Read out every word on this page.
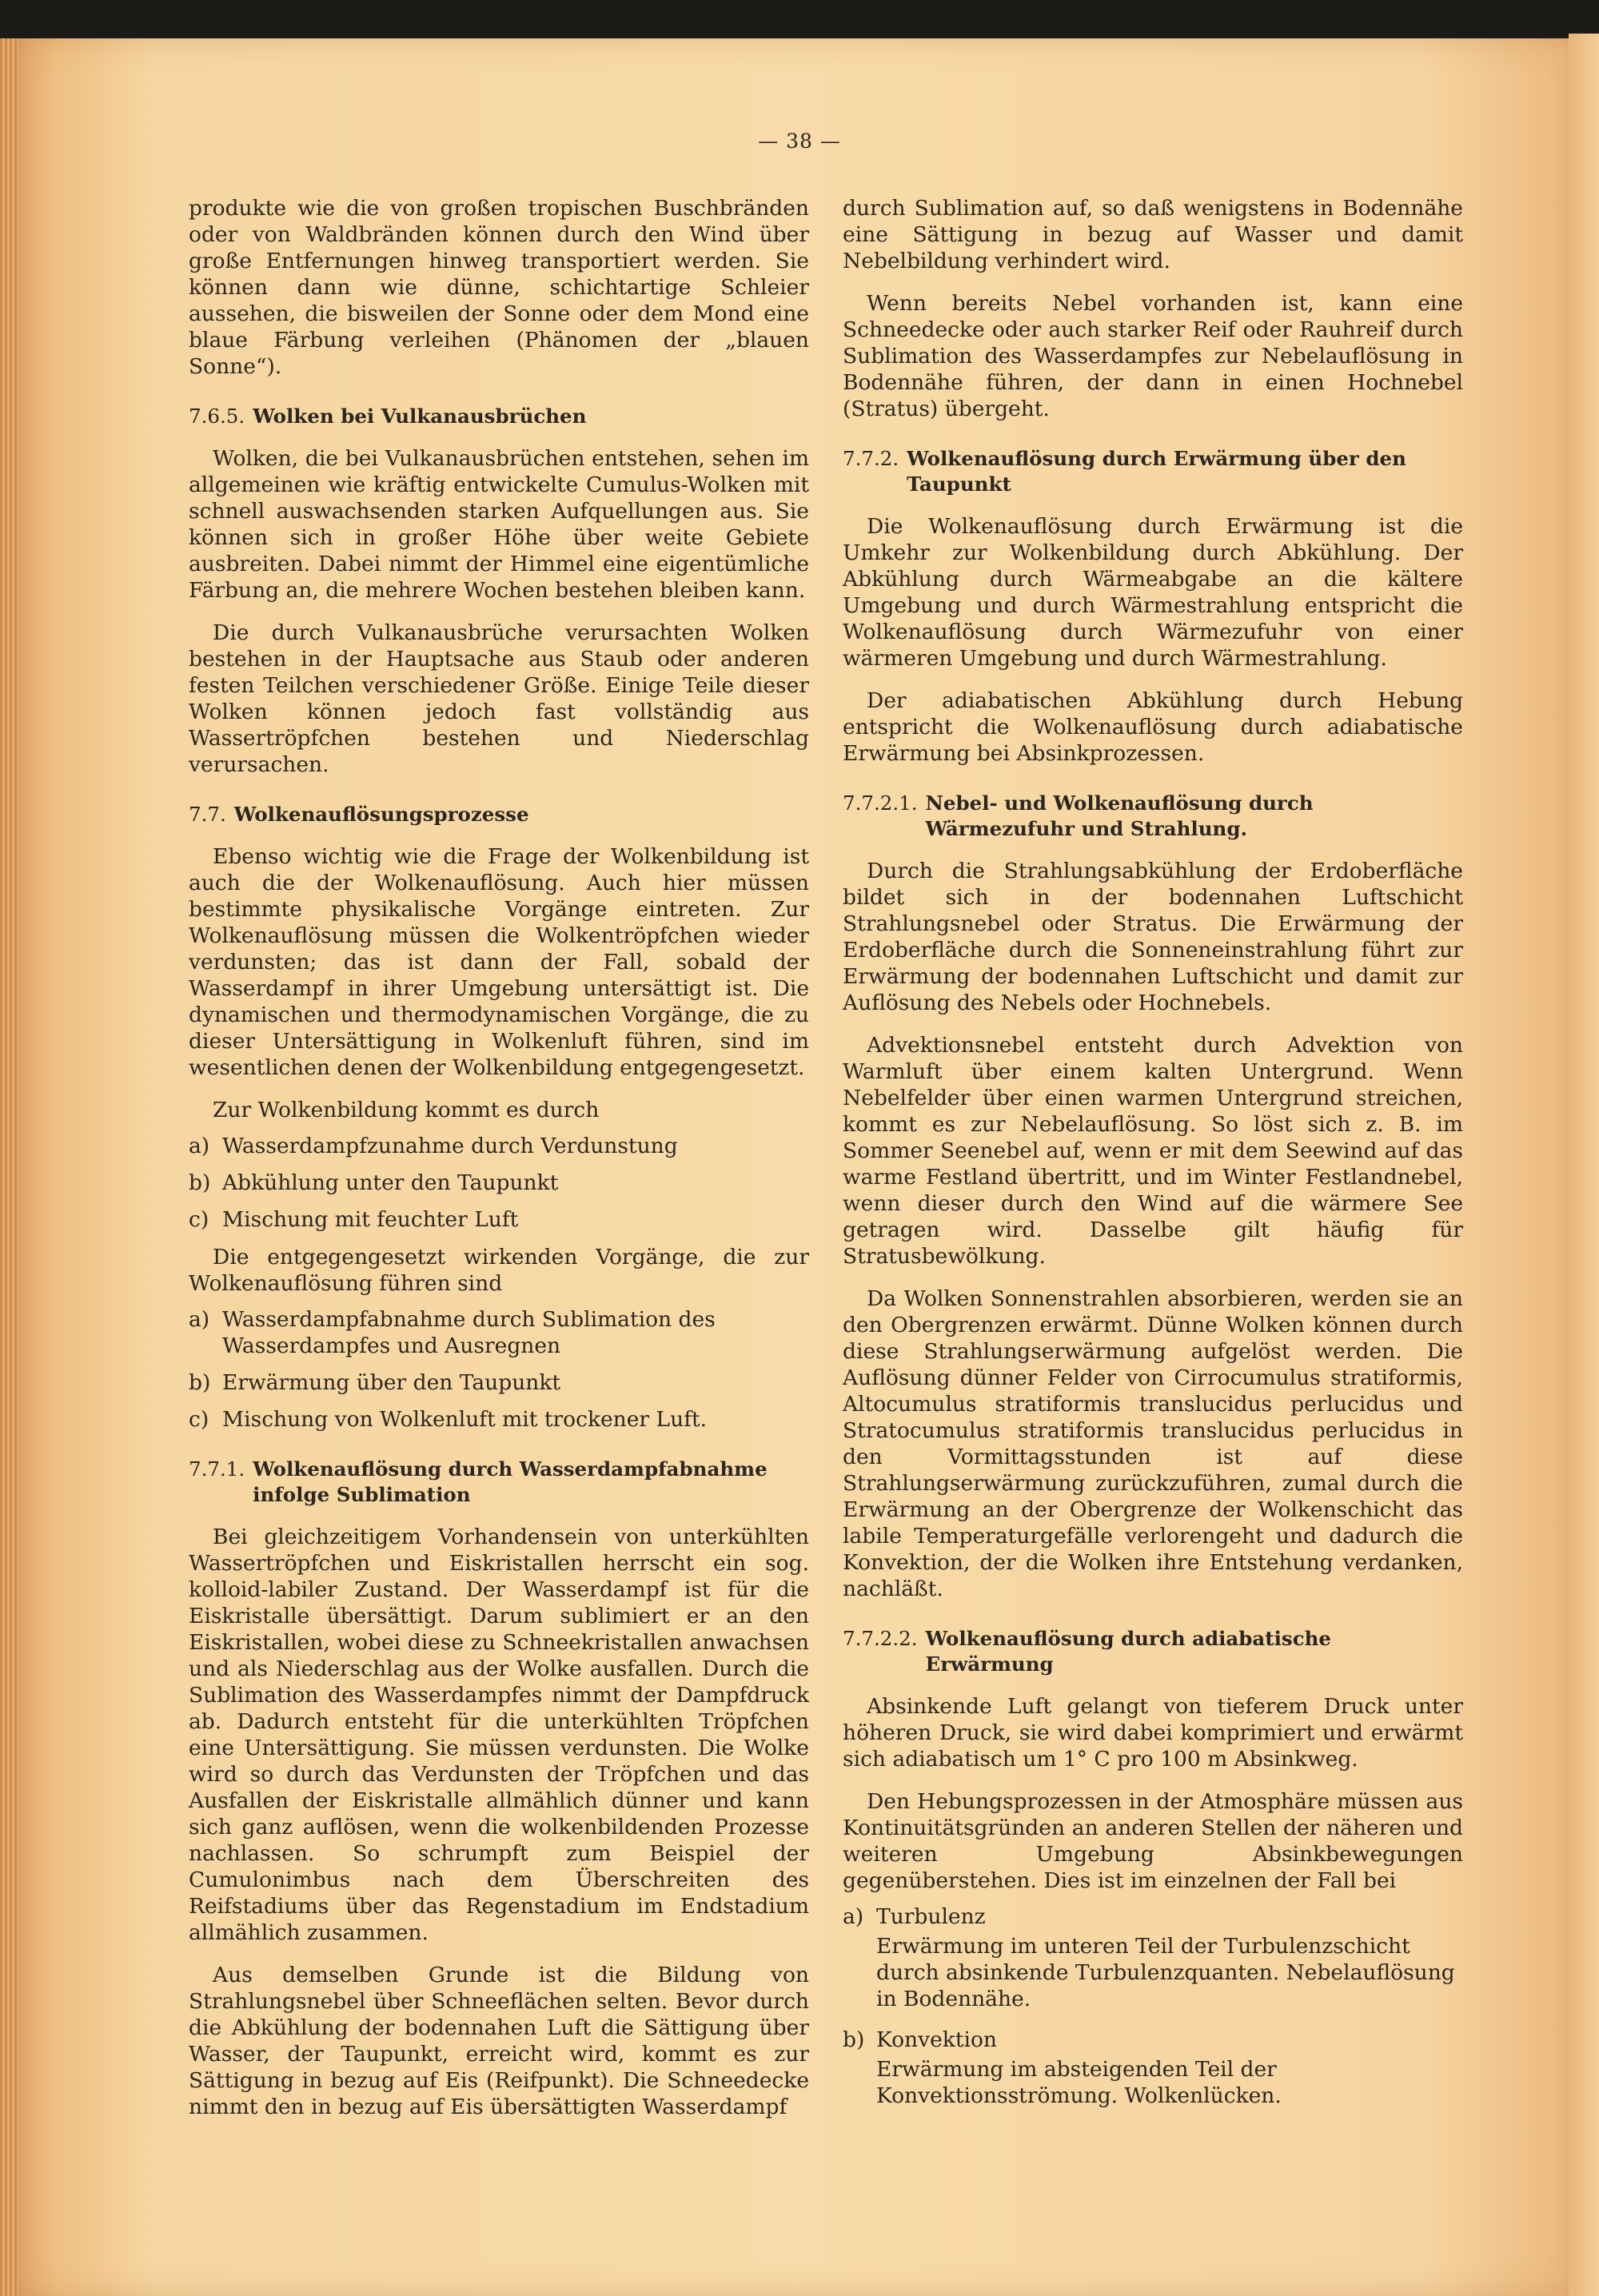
— 38 —

produkte wie die von großen tropischen Buschbränden oder von Waldbränden können durch den Wind über große Entfernungen hinweg transportiert werden. Sie können dann wie dünne, schichtartige Schleier aussehen, die bisweilen der Sonne oder dem Mond eine blaue Färbung verleihen (Phänomen der „blauen Sonne“).

7.6.5. Wolken bei Vulkanausbrüchen

Wolken, die bei Vulkanausbrüchen entstehen, sehen im allgemeinen wie kräftig entwickelte Cumulus-Wolken mit schnell auswachsenden starken Aufquellungen aus. Sie können sich in großer Höhe über weite Gebiete ausbreiten. Dabei nimmt der Himmel eine eigentümliche Färbung an, die mehrere Wochen bestehen bleiben kann.

Die durch Vulkanausbrüche verursachten Wolken bestehen in der Hauptsache aus Staub oder anderen festen Teilchen verschiedener Größe. Einige Teile dieser Wolken können jedoch fast vollständig aus Wassertröpfchen bestehen und Niederschlag verursachen.

7.7. Wolkenauflösungsprozesse

Ebenso wichtig wie die Frage der Wolkenbildung ist auch die der Wolkenauflösung. Auch hier müssen bestimmte physikalische Vorgänge eintreten. Zur Wolkenauflösung müssen die Wolkentröpfchen wieder verdunsten; das ist dann der Fall, sobald der Wasserdampf in ihrer Umgebung untersättigt ist. Die dynamischen und thermodynamischen Vorgänge, die zu dieser Untersättigung in Wolkenluft führen, sind im wesentlichen denen der Wolkenbildung entgegengesetzt.

Zur Wolkenbildung kommt es durch

a) Wasserdampfzunahme durch Verdunstung
b) Abkühlung unter den Taupunkt
c) Mischung mit feuchter Luft

Die entgegengesetzt wirkenden Vorgänge, die zur Wolkenauflösung führen sind

a) Wasserdampfabnahme durch Sublimation des Wasserdampfes und Ausregnen
b) Erwärmung über den Taupunkt
c) Mischung von Wolkenluft mit trockener Luft.
7.7.1. Wolkenauflösung durch Wasserdampfabnahme infolge Sublimation

Bei gleichzeitigem Vorhandensein von unterkühlten Wassertröpfchen und Eiskristallen herrscht ein sog. kolloid-labiler Zustand. Der Wasserdampf ist für die Eiskristalle übersättigt. Darum sublimiert er an den Eiskristallen, wobei diese zu Schneekristallen anwachsen und als Niederschlag aus der Wolke ausfallen. Durch die Sublimation des Wasserdampfes nimmt der Dampfdruck ab. Dadurch entsteht für die unterkühlten Tröpfchen eine Untersättigung. Sie müssen verdunsten. Die Wolke wird so durch das Verdunsten der Tröpfchen und das Ausfallen der Eiskristalle allmählich dünner und kann sich ganz auflösen, wenn die wolkenbildenden Prozesse nachlassen. So schrumpft zum Beispiel der Cumulonimbus nach dem Überschreiten des Reifstadiums über das Regenstadium im Endstadium allmählich zusammen.

Aus demselben Grunde ist die Bildung von Strahlungsnebel über Schneeflächen selten. Bevor durch die Abkühlung der bodennahen Luft die Sättigung über Wasser, der Taupunkt, erreicht wird, kommt es zur Sättigung in bezug auf Eis (Reifpunkt). Die Schneedecke nimmt den in bezug auf Eis übersättigten Wasserdampf

durch Sublimation auf, so daß wenigstens in Bodennähe eine Sättigung in bezug auf Wasser und damit Nebelbildung verhindert wird.

Wenn bereits Nebel vorhanden ist, kann eine Schneedecke oder auch starker Reif oder Rauhreif durch Sublimation des Wasserdampfes zur Nebelauflösung in Bodennähe führen, der dann in einen Hochnebel (Stratus) übergeht.

7.7.2. Wolkenauflösung durch Erwärmung über den Taupunkt

Die Wolkenauflösung durch Erwärmung ist die Umkehr zur Wolkenbildung durch Abkühlung. Der Abkühlung durch Wärmeabgabe an die kältere Umgebung und durch Wärmestrahlung entspricht die Wolkenauflösung durch Wärmezufuhr von einer wärmeren Umgebung und durch Wärmestrahlung.

Der adiabatischen Abkühlung durch Hebung entspricht die Wolkenauflösung durch adiabatische Erwärmung bei Absinkprozessen.

7.7.2.1. Nebel- und Wolkenauflösung durch Wärmezufuhr und Strahlung.

Durch die Strahlungsabkühlung der Erdoberfläche bildet sich in der bodennahen Luftschicht Strahlungsnebel oder Stratus. Die Erwärmung der Erdoberfläche durch die Sonneneinstrahlung führt zur Erwärmung der bodennahen Luftschicht und damit zur Auflösung des Nebels oder Hochnebels.

Advektionsnebel entsteht durch Advektion von Warmluft über einem kalten Untergrund. Wenn Nebelfelder über einen warmen Untergrund streichen, kommt es zur Nebelauflösung. So löst sich z. B. im Sommer Seenebel auf, wenn er mit dem Seewind auf das warme Festland übertritt, und im Winter Festlandnebel, wenn dieser durch den Wind auf die wärmere See getragen wird. Dasselbe gilt häufig für Stratusbewölkung.

Da Wolken Sonnenstrahlen absorbieren, werden sie an den Obergrenzen erwärmt. Dünne Wolken können durch diese Strahlungserwärmung aufgelöst werden. Die Auflösung dünner Felder von Cirrocumulus stratiformis, Altocumulus stratiformis translucidus perlucidus und Stratocumulus stratiformis translucidus perlucidus in den Vormittagsstunden ist auf diese Strahlungserwärmung zurückzuführen, zumal durch die Erwärmung an der Obergrenze der Wolkenschicht das labile Temperaturgefälle verlorengeht und dadurch die Konvektion, der die Wolken ihre Entstehung verdanken, nachläßt.

7.7.2.2. Wolkenauflösung durch adiabatische Erwärmung

Absinkende Luft gelangt von tieferem Druck unter höheren Druck, sie wird dabei komprimiert und erwärmt sich adiabatisch um 1° C pro 100 m Absinkweg.

Den Hebungsprozessen in der Atmosphäre müssen aus Kontinuitätsgründen an anderen Stellen der näheren und weiteren Umgebung Absinkbewegungen gegenüberstehen. Dies ist im einzelnen der Fall bei

a) Turbulenz
Erwärmung im unteren Teil der Turbulenzschicht durch absinkende Turbulenzquanten. Nebelauflösung in Bodennähe.
b) Konvektion
Erwärmung im absteigenden Teil der Konvektionsströmung. Wolkenlücken.
